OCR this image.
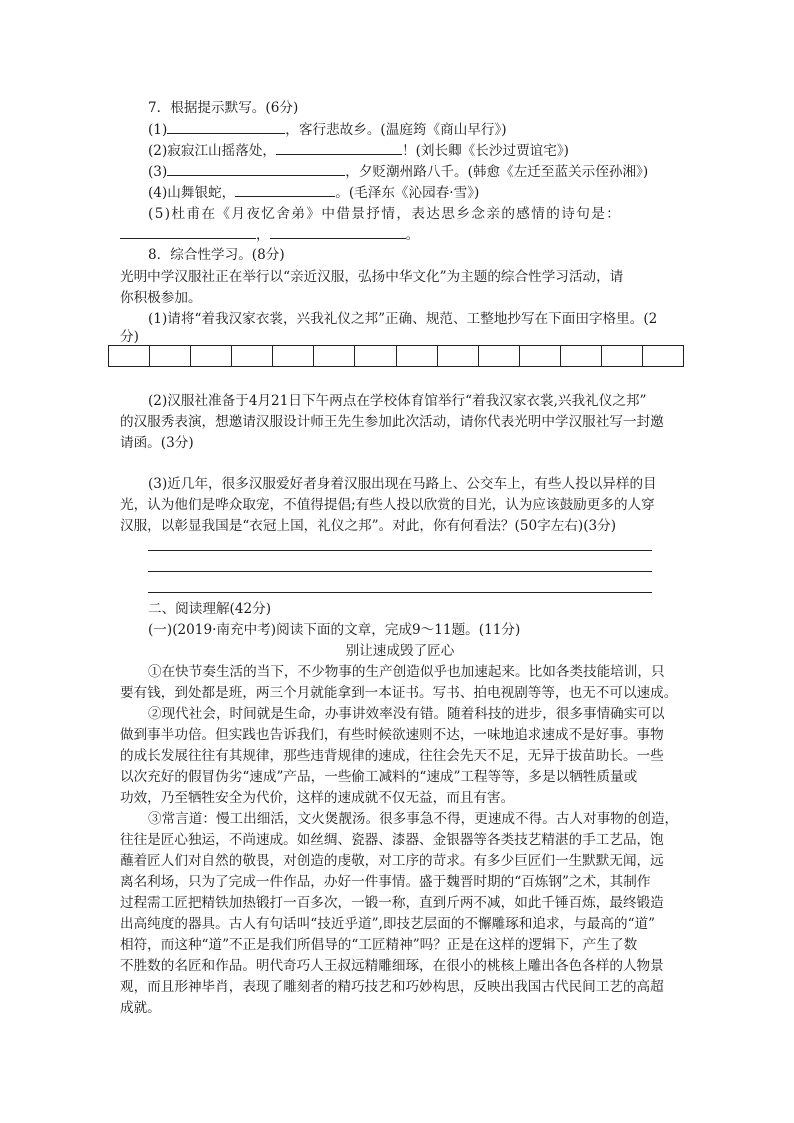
7．根据提示默写。(6分)
(1)	，客行悲故乡。(温庭筠《商山早行》)
(2)寂寂江山摇落处，	！(刘长卿《长沙过贾谊宅》)
(3)	，夕贬潮州路八千。(韩愈《左迁至蓝关示侄孙湘》)
(4)山舞银蛇，	。(毛泽东《沁园春·雪》)
(5)杜甫在《月夜忆舍弟》中借景抒情，表达思乡念亲的感情的诗句是：
，	。
8．综合性学习。(8分)
光明中学汉服社正在举行以“亲近汉服，弘扬中华文化”为主题的综合性学习活动，请
你积极参加。
(1)请将“着我汉家衣裳，兴我礼仪之邦”正确、规范、工整地抄写在下面田字格里。(2
分)
(2)汉服社准备于4月21日下午两点在学校体育馆举行“着我汉家衣裳,兴我礼仪之邦”
的汉服秀表演，想邀请汉服设计师王先生参加此次活动，请你代表光明中学汉服社写一封邀
请函。(3分)
(3)近几年，很多汉服爱好者身着汉服出现在马路上、公交车上，有些人投以异样的目
光，认为他们是哗众取宠，不值得提倡;有些人投以欣赏的目光，认为应该鼓励更多的人穿
汉服，以彰显我国是“衣冠上国，礼仪之邦”。对此，你有何看法？(50字左右)(3分)
二、阅读理解(42分)
(一)(2019·南充中考)阅读下面的文章，完成9～11题。(11分)
别让速成毁了匠心
①在快节奏生活的当下，不少物事的生产创造似乎也加速起来。比如各类技能培训，只
要有钱，到处都是班，两三个月就能拿到一本证书。写书、拍电视剧等等，也无不可以速成。
②现代社会，时间就是生命，办事讲效率没有错。随着科技的进步，很多事情确实可以
做到事半功倍。但实践也告诉我们，有些时候欲速则不达，一味地追求速成不是好事。事物
的成长发展往往有其规律，那些违背规律的速成，往往会先天不足，无异于拔苗助长。一些
以次充好的假冒伪劣“速成”产品，一些偷工减料的“速成”工程等等，多是以牺牲质量或
功效，乃至牺牲安全为代价，这样的速成就不仅无益，而且有害。
③常言道：慢工出细活，文火煲靓汤。很多事急不得，更速成不得。古人对事物的创造，
往往是匠心独运，不尚速成。如丝绸、瓷器、漆器、金银器等各类技艺精湛的手工艺品，饱
蘸着匠人们对自然的敬畏，对创造的虔敬，对工序的苛求。有多少巨匠们一生默默无闻，远
离名利场，只为了完成一件作品，办好一件事情。盛于魏晋时期的“百炼钢”之术，其制作
过程需工匠把精铁加热锻打一百多次，一锻一称，直到斤两不减，如此千锤百炼，最终锻造
出高纯度的器具。古人有句话叫“技近乎道”,即技艺层面的不懈雕琢和追求，与最高的“道”
相符，而这种“道”不正是我们所倡导的“工匠精神”吗？正是在这样的逻辑下，产生了数
不胜数的名匠和作品。明代奇巧人王叔远精雕细琢，在很小的桃核上雕出各色各样的人物景
观，而且形神毕肖，表现了雕刻者的精巧技艺和巧妙构思，反映出我国古代民间工艺的高超
成就。
